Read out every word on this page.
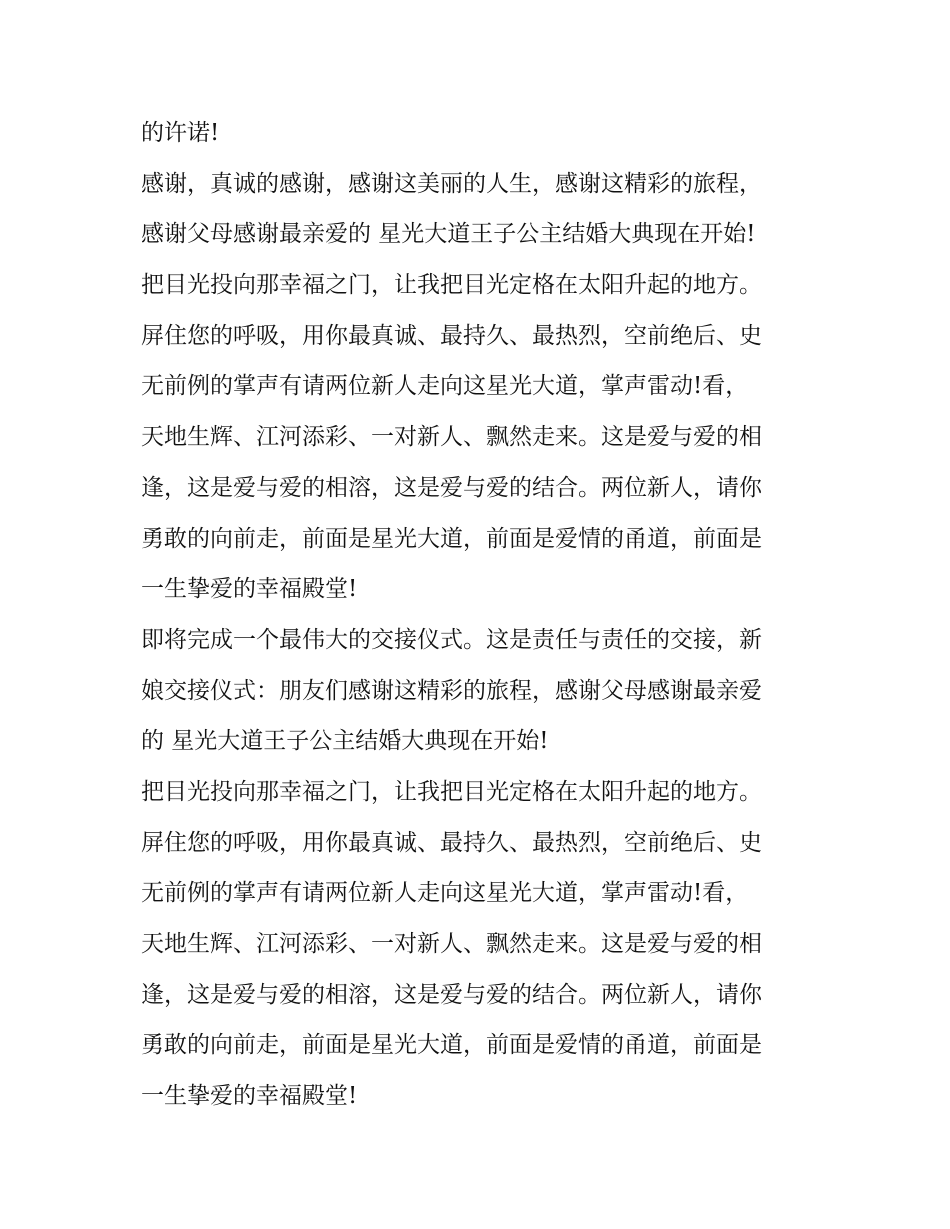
的许诺!
感谢，真诚的感谢，感谢这美丽的人生，感谢这精彩的旅程，
感谢父母感谢最亲爱的 星光大道王子公主结婚大典现在开始!
把目光投向那幸福之门，让我把目光定格在太阳升起的地方。
屏住您的呼吸，用你最真诚、最持久、最热烈，空前绝后、史
无前例的掌声有请两位新人走向这星光大道，掌声雷动!看，
天地生辉、江河添彩、一对新人、飘然走来。这是爱与爱的相
逢，这是爱与爱的相溶，这是爱与爱的结合。两位新人，请你
勇敢的向前走，前面是星光大道，前面是爱情的甬道，前面是
一生挚爱的幸福殿堂!
即将完成一个最伟大的交接仪式。这是责任与责任的交接，新
娘交接仪式：朋友们感谢这精彩的旅程，感谢父母感谢最亲爱
的 星光大道王子公主结婚大典现在开始!
把目光投向那幸福之门，让我把目光定格在太阳升起的地方。
屏住您的呼吸，用你最真诚、最持久、最热烈，空前绝后、史
无前例的掌声有请两位新人走向这星光大道，掌声雷动!看，
天地生辉、江河添彩、一对新人、飘然走来。这是爱与爱的相
逢，这是爱与爱的相溶，这是爱与爱的结合。两位新人，请你
勇敢的向前走，前面是星光大道，前面是爱情的甬道，前面是
一生挚爱的幸福殿堂!
